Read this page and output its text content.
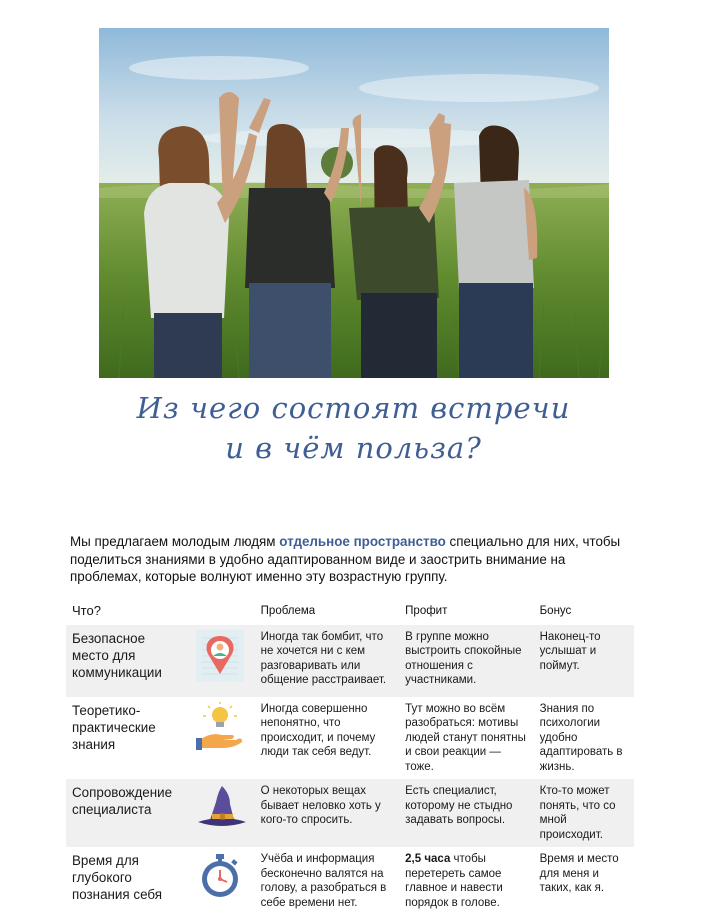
Из чего состоят встречи
и в чём польза?

Мы предлагаем молодым людям отдельное пространство специально для них, чтобы поделиться знаниями в удобно адаптированном виде и заострить внимание на проблемах, которые волнуют именно эту возрастную группу.

Что?		Проблема	Профит	Бонус
Безопасное место для коммуникации		Иногда так бомбит, что не хочется ни с кем разговаривать или общение расстраивает.	В группе можно выстроить спокойные отношения с участниками.	Наконец-то услышат и поймут.
Теоретико-практические знания		Иногда совершенно непонятно, что происходит, и почему люди так себя ведут.	Тут можно во всём разобраться: мотивы людей станут понятны и свои реакции — тоже.	Знания по психологии удобно адаптировать в жизнь.
Сопровождение специалиста		О некоторых вещах бывает неловко хоть у кого-то спросить.	Есть специалист, которому не стыдно задавать вопросы.	Кто-то может понять, что со мной происходит.
Время для глубокого познания себя		Учёба и информация бесконечно валятся на голову, а разобраться в себе времени нет.	2,5 часа чтобы перетереть самое главное и навести порядок в голове.	Время и место для меня и таких, как я.
